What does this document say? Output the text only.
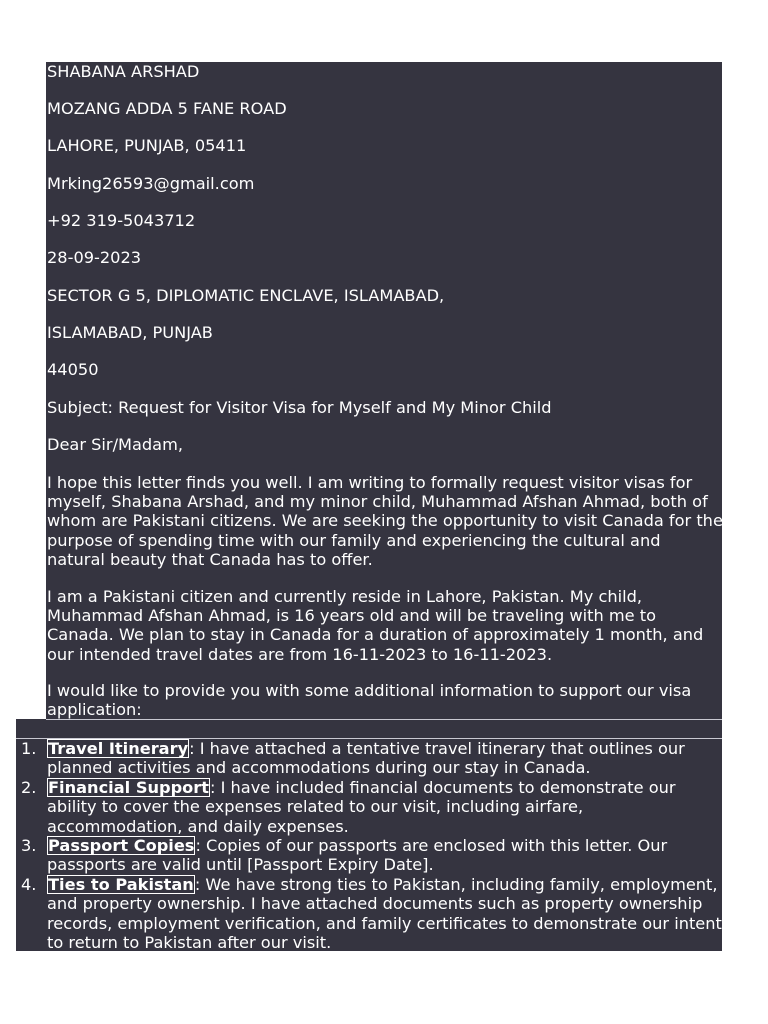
SHABANA ARSHAD

MOZANG ADDA 5 FANE ROAD

LAHORE, PUNJAB, 05411

Mrking26593@gmail.com

+92 319-5043712

28-09-2023

SECTOR G 5, DIPLOMATIC ENCLAVE, ISLAMABAD,

ISLAMABAD, PUNJAB

44050

Subject: Request for Visitor Visa for Myself and My Minor Child

Dear Sir/Madam,

I hope this letter finds you well. I am writing to formally request visitor visas for myself, Shabana Arshad, and my minor child, Muhammad Afshan Ahmad, both of whom are Pakistani citizens. We are seeking the opportunity to visit Canada for the purpose of spending time with our family and experiencing the cultural and natural beauty that Canada has to offer.

I am a Pakistani citizen and currently reside in Lahore, Pakistan. My child, Muhammad Afshan Ahmad, is 16 years old and will be traveling with me to Canada. We plan to stay in Canada for a duration of approximately 1 month, and our intended travel dates are from 16-11-2023 to 16-11-2023.

I would like to provide you with some additional information to support our visa application:

1. Travel Itinerary: I have attached a tentative travel itinerary that outlines our planned activities and accommodations during our stay in Canada.
2. Financial Support: I have included financial documents to demonstrate our ability to cover the expenses related to our visit, including airfare, accommodation, and daily expenses.
3. Passport Copies: Copies of our passports are enclosed with this letter. Our passports are valid until [Passport Expiry Date].
4. Ties to Pakistan: We have strong ties to Pakistan, including family, employment, and property ownership. I have attached documents such as property ownership records, employment verification, and family certificates to demonstrate our intent to return to Pakistan after our visit.
